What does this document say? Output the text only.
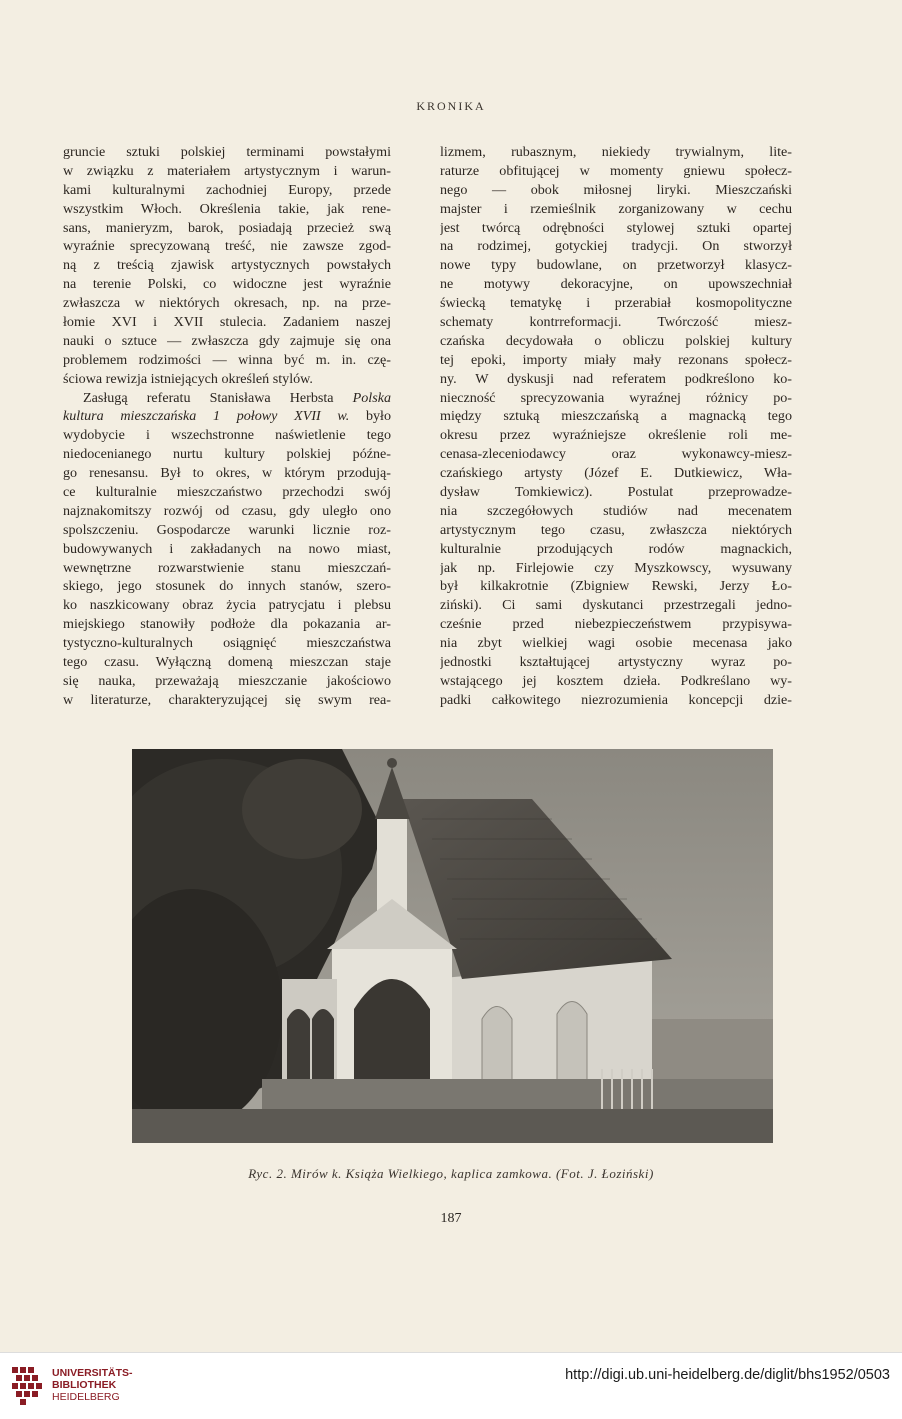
KRONIKA
gruncie sztuki polskiej terminami powstałymi
w związku z materiałem artystycznym i warun-
kami kulturalnymi zachodniej Europy, przede
wszystkim Włoch. Określenia takie, jak rene-
sans, manieryzm, barok, posiadają przecież swą
wyraźnie sprecyzowaną treść, nie zawsze zgod-
ną z treścią zjawisk artystycznych powstałych
na terenie Polski, co widoczne jest wyraźnie
zwłaszcza w niektórych okresach, np. na prze-
łomie XVI i XVII stulecia. Zadaniem naszej
nauki o sztuce — zwłaszcza gdy zajmuje się ona
problemem rodzimości — winna być m. in. czę-
ściowa rewizja istniejących określeń stylów.
Zasługą referatu Stanisława Herbsta Polska
kultura mieszczańska 1 połowy XVII w. było
wydobycie i wszechstronne naświetlenie tego
niedocenianego nurtu kultury polskiej późne-
go renesansu. Był to okres, w którym przodują-
ce kulturalnie mieszczaństwo przechodzi swój
najznakomitszy rozwój od czasu, gdy uległo ono
spolszczeniu. Gospodarcze warunki licznie roz-
budowywanych i zakładanych na nowo miast,
wewnętrzne rozwarstwienie stanu mieszczań-
skiego, jego stosunek do innych stanów, szero-
ko naszkicowany obraz życia patrycjatu i plebsu
miejskiego stanowiły podłoże dla pokazania ar-
tystyczno-kulturalnych osiągnięć mieszczaństwa
tego czasu. Wyłączną domeną mieszczan staje
się nauka, przeważają mieszczanie jakościowo
w literaturze, charakteryzującej się swym rea-
lizmem, rubasznym, niekiedy trywialnym, lite-
raturze obfitującej w momenty gniewu społecz-
nego — obok miłosnej liryki. Mieszczański
majster i rzemieślnik zorganizowany w cechu
jest twórcą odrębności stylowej sztuki opartej
na rodzimej, gotyckiej tradycji. On stworzył
nowe typy budowlane, on przetworzył klasycz-
ne motywy dekoracyjne, on upowszechniał
świecką tematykę i przerabiał kosmopolityczne
schematy kontrreformacji. Twórczość miesz-
czańska decydowała o obliczu polskiej kultury
tej epoki, importy miały mały rezonans społecz-
ny. W dyskusji nad referatem podkreślono ko-
nieczność sprecyzowania wyraźnej różnicy po-
między sztuką mieszczańską a magnacką tego
okresu przez wyraźniejsze określenie roli me-
cenasa-zleceniodawcy oraz wykonawcy-miesz-
czańskiego artysty (Józef E. Dutkiewicz, Wła-
dysław Tomkiewicz). Postulat przeprowadze-
nia szczegółowych studiów nad mecenatem
artystycznym tego czasu, zwłaszcza niektórych
kulturalnie przodujących rodów magnackich,
jak np. Firlejowie czy Myszkowscy, wysuwany
był kilkakrotnie (Zbigniew Rewski, Jerzy Ło-
ziński). Ci sami dyskutanci przestrzegali jedno-
cześnie przed niebezpieczeństwem przypisywa-
nia zbyt wielkiej wagi osobie mecenasa jako
jednostki kształtującej artystyczny wyraz po-
wstającego jej kosztem dzieła. Podkreślano wy-
padki całkowitego niezrozumienia koncepcji dzie-
Ryc. 2. Mirów k. Książa Wielkiego, kaplica zamkowa. (Fot. J. Łoziński)
187
UNIVERSITÄTS-
BIBLIOTHEK
HEIDELBERG
http://digi.ub.uni-heidelberg.de/diglit/bhs1952/0503
